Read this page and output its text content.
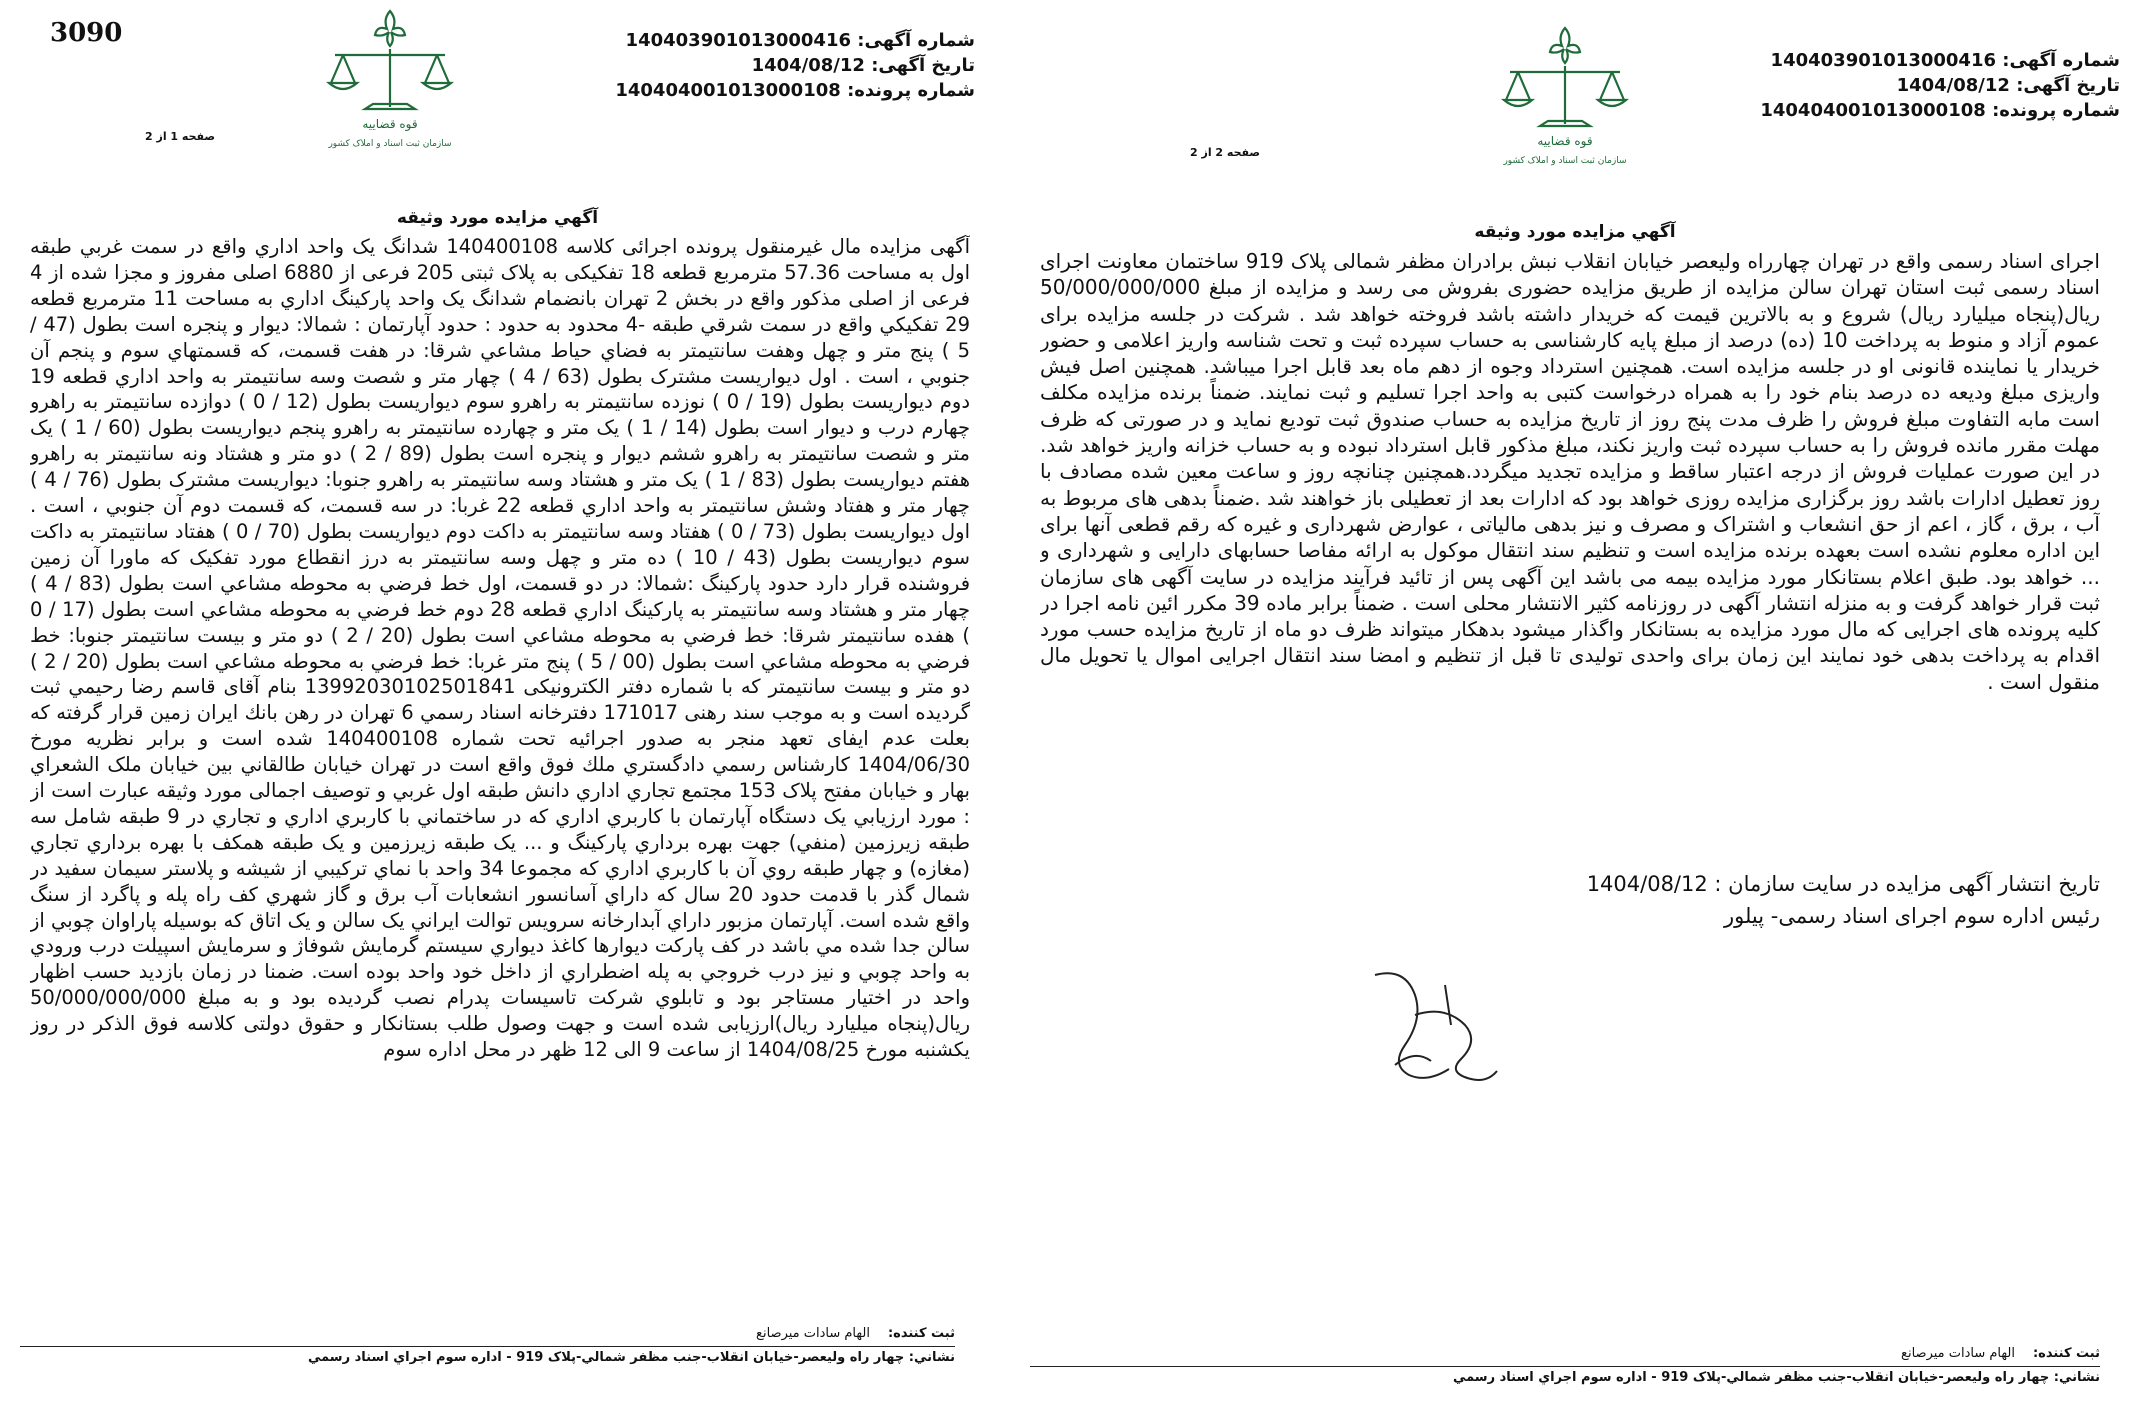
3090	شماره آگهی: 140403901013000416
تاریخ آگهی: 1404/08/12
شماره پرونده: 140404001013000108
قوه قضاییه
سازمان ثبت اسناد و املاک کشور
صفحه 1 از 2
آگهي مزايده مورد وثيقه
آگهی مزايده مال غيرمنقول پرونده اجرائی كلاسه 140400108 شدانگ يک واحد اداري واقع در سمت غربي طبقه اول به مساحت 57.36 مترمربع قطعه 18 تفکیکی به پلاک ثبتی 205 فرعی از 6880 اصلی مفروز و مجزا شده از 4 فرعی از اصلی مذکور واقع در بخش 2 تهران بانضمام شدانگ يک واحد پاركينگ اداري به مساحت 11 مترمربع قطعه 29 تفكيكي واقع در سمت شرقي طبقه -4 محدود به حدود : حدود آپارتمان : شمالا: ديوار و پنجره است بطول (47 / 5 ) پنج متر و چهل وهفت سانتيمتر به فضاي حياط مشاعي شرقا: در هفت قسمت، كه قسمتهاي سوم و پنجم آن جنوبي ، است . اول ديواريست مشترک بطول (63 / 4 ) چهار متر و شصت وسه سانتيمتر به واحد اداري قطعه 19 دوم ديواريست بطول (19 / 0 ) نوزده سانتيمتر به راهرو سوم ديواريست بطول (12 / 0 ) دوازده سانتيمتر به راهرو چهارم درب و ديوار است بطول (14 / 1 ) يک متر و چهارده سانتيمتر به راهرو پنجم ديواريست بطول (60 / 1 ) يک متر و شصت سانتيمتر به راهرو ششم ديوار و پنجره است بطول (89 / 2 ) دو متر و هشتاد ونه سانتيمتر به راهرو هفتم ديواريست بطول (83 / 1 ) يک متر و هشتاد وسه سانتيمتر به راهرو جنوبا: ديواريست مشترک بطول (76 / 4 ) چهار متر و هفتاد وشش سانتيمتر به واحد اداري قطعه 22 غربا: در سه قسمت، كه قسمت دوم آن جنوبي ، است . اول ديواريست بطول (73 / 0 ) هفتاد وسه سانتيمتر به داكت دوم ديواريست بطول (70 / 0 ) هفتاد سانتيمتر به داكت سوم ديواريست بطول (43 / 10 ) ده متر و چهل وسه سانتيمتر به درز انقطاع مورد تفكيک كه ماورا آن زمين فروشنده قرار دارد حدود پاركينگ :شمالا: در دو قسمت، اول خط فرضي به محوطه مشاعي است بطول (83 / 4 ) چهار متر و هشتاد وسه سانتيمتر به پاركينگ اداري قطعه 28 دوم خط فرضي به محوطه مشاعي است بطول (17 / 0 ) هفده سانتيمتر شرقا: خط فرضي به محوطه مشاعي است بطول (20 / 2 ) دو متر و بيست سانتيمتر جنوبا: خط فرضي به محوطه مشاعي است بطول (00 / 5 ) پنج متر غربا: خط فرضي به محوطه مشاعي است بطول (20 / 2 ) دو متر و بيست سانتيمتر كه با شماره دفتر الکترونیکی 13992030102501841 بنام آقای قاسم رضا رحيمي ثبت گرديده است و به موجب سند رهنی 171017 دفترخانه اسناد رسمي 6 تهران در رهن بانك ايران زمين قرار گرفته كه بعلت عدم ايفاى تعهد منجر به صدور اجرائيه تحت شماره 140400108 شده است و برابر نظريه مورخ 1404/06/30 كارشناس رسمي دادگستري ملك فوق واقع است در تهران خيابان طالقاني بين خيابان ملک الشعراي بهار و خيابان مفتح پلاک 153 مجتمع تجاري اداري دانش طبقه اول غربي و توصيف اجمالی مورد وثیقه عبارت است از : مورد ارزيابي يک دستگاه آپارتمان با كاربري اداري كه در ساختماني با كاربري اداري و تجاري در 9 طبقه شامل سه طبقه زيرزمين (منفي) جهت بهره برداري پاركينگ و ... يک طبقه زيرزمين و يک طبقه همكف با بهره برداري تجاري (مغازه) و چهار طبقه روي آن با كاربري اداري كه مجموعا 34 واحد با نماي تركيبي از شيشه و پلاستر سيمان سفيد در شمال گذر با قدمت حدود 20 سال كه داراي آسانسور انشعابات آب برق و گاز شهري كف راه پله و پاگرد از سنگ واقع شده است. آپارتمان مزبور داراي آبدارخانه سرويس توالت ايراني يک سالن و يک اتاق كه بوسيله پاراوان چوبي از سالن جدا شده مي باشد در كف پاركت ديوارها كاغذ ديواري سيستم گرمايش شوفاژ و سرمايش اسپيلت درب ورودي به واحد چوبي و نيز درب خروجي به پله اضطراري از داخل خود واحد بوده است. ضمنا در زمان بازديد حسب اظهار واحد در اختيار مستاجر بود و تابلوي شركت تاسيسات پدرام نصب گرديده بود و به مبلغ 50/000/000/000 ريال(پنجاه ميليارد ريال)ارزيابی شده است و جهت وصول طلب بستانكار و حقوق دولتی كلاسه فوق الذكر در روز يكشنبه مورخ 1404/08/25 از ساعت 9 الی 12 ظهر در محل اداره سوم
ثبت کننده:
الهام سادات میرصانع
نشاني: چهار راه وليعصر-خيابان انقلاب-جنب مظفر شمالي-پلاک 919 - اداره سوم اجراي اسناد رسمي
شماره آگهی: 140403901013000416
تاریخ آگهی: 1404/08/12
شماره پرونده: 140404001013000108
قوه قضاییه
سازمان ثبت اسناد و املاک کشور
صفحه 2 از 2
آگهي مزايده مورد وثيقه
اجرای اسناد رسمی واقع در تهران چهارراه وليعصر خيابان انقلاب نبش برادران مظفر شمالی پلاک 919 ساختمان معاونت اجرای اسناد رسمی ثبت استان تهران سالن مزايده از طريق مزايده حضوری بفروش می رسد و مزايده از مبلغ 50/000/000/000 ريال(پنجاه ميليارد ريال) شروع و به بالاترين قيمت كه خريدار داشته باشد فروخته خواهد شد . شركت در جلسه مزايده برای عموم آزاد و منوط به پرداخت 10 (ده) درصد از مبلغ پايه كارشناسی به حساب سپرده ثبت و تحت شناسه واريز اعلامی و حضور خريدار يا نماينده قانونی او در جلسه مزايده است. همچنين استرداد وجوه از دهم ماه بعد قابل اجرا ميباشد. همچنين اصل فيش واريزی مبلغ وديعه ده درصد بنام خود را به همراه درخواست كتبی به واحد اجرا تسليم و ثبت نمايند. ضمناً برنده مزايده مكلف است مابه التفاوت مبلغ فروش را ظرف مدت پنج روز از تاريخ مزايده به حساب صندوق ثبت توديع نمايد و در صورتی كه ظرف مهلت مقرر مانده فروش را به حساب سپرده ثبت واريز نكند، مبلغ مذكور قابل استرداد نبوده و به حساب خزانه واريز خواهد شد. در اين صورت عمليات فروش از درجه اعتبار ساقط و مزايده تجديد ميگردد.همچنين چنانچه روز و ساعت معين شده مصادف با روز تعطيل ادارات باشد روز برگزاری مزايده روزی خواهد بود كه ادارات بعد از تعطيلی باز خواهند شد .ضمناً بدهی های مربوط به آب ، برق ، گاز ، اعم از حق انشعاب و اشتراک و مصرف و نيز بدهی مالياتی ، عوارض شهرداری و غيره كه رقم قطعی آنها برای اين اداره معلوم نشده است بعهده برنده مزايده است و تنظيم سند انتقال موكول به ارائه مفاصا حسابهای دارايی و شهرداری و ... خواهد بود. طبق اعلام بستانكار مورد مزايده بيمه می باشد اين آگهی پس از تائيد فرآيند مزايده در سايت آگهی های سازمان ثبت قرار خواهد گرفت و به منزله انتشار آگهی در روزنامه كثير الانتشار محلی است . ضمناً برابر ماده 39 مكرر ائين نامه اجرا در كليه پرونده های اجرايی كه مال مورد مزايده به بستانكار واگذار ميشود بدهكار ميتواند ظرف دو ماه از تاريخ مزايده حسب مورد اقدام به پرداخت بدهی خود نمايند اين زمان برای واحدی توليدی تا قبل از تنظيم و امضا سند انتقال اجرايی اموال يا تحويل مال منقول است .
تاريخ انتشار آگهی مزايده در سايت سازمان : 1404/08/12
رئيس اداره سوم اجرای اسناد رسمی- پيلور
ثبت کننده:
الهام سادات میرصانع
نشاني: چهار راه وليعصر-خيابان انقلاب-جنب مظفر شمالي-پلاک 919 - اداره سوم اجراي اسناد رسمي
